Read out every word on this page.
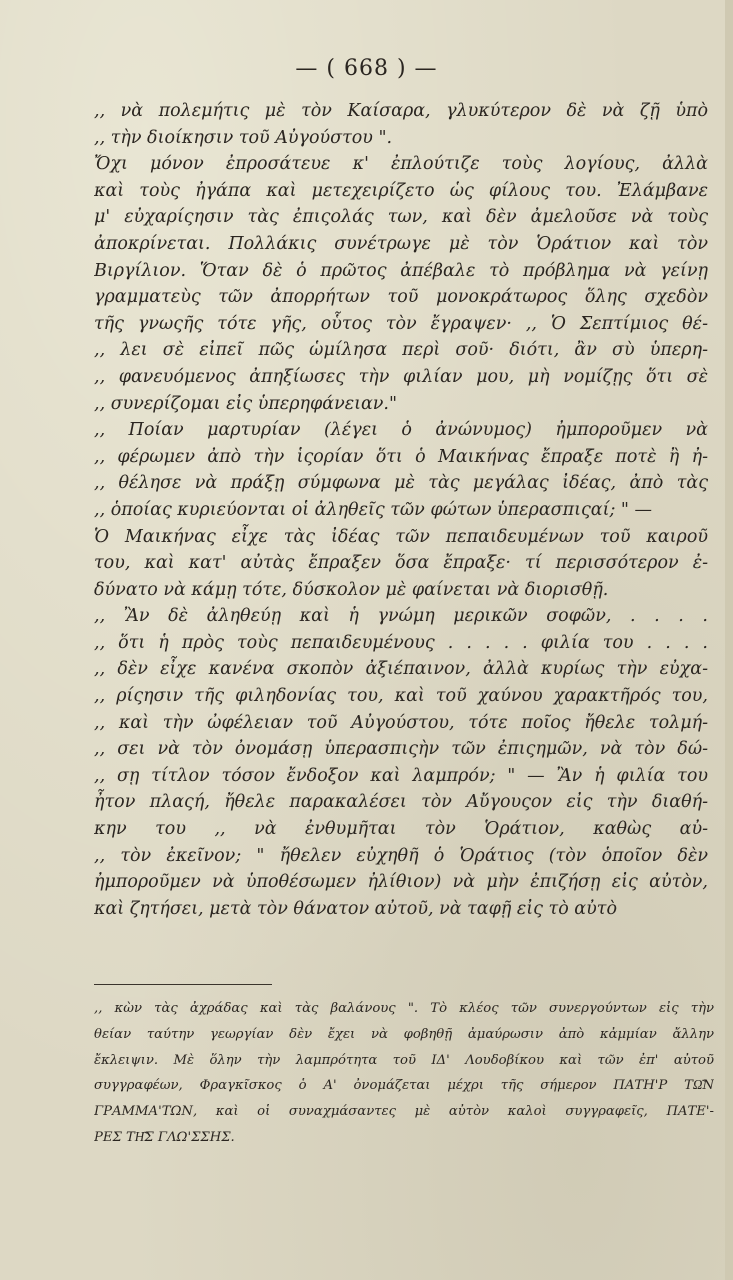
— ( 668 ) —
,, νὰ πολεμήτις μὲ τὸν Καίσαρα, γλυκύτερον δὲ νὰ ζῇ ὑπὸ
,, τὴν διοίκησιν τοῦ Αὐγούστου ".
Ὄχι μόνον ἐπροσάτευε κ' ἐπλούτιζε τοὺς λογίους, ἀλλὰ
καὶ τοὺς ἠγάπα καὶ μετεχειρίζετο ὡς φίλους του. Ἐλάμβανε
μ' εὐχαρίςησιν τὰς ἐπιςολάς των, καὶ δὲν ἀμελοῦσε νὰ τοὺς
ἀποκρίνεται. Πολλάκις συνέτρωγε μὲ τὸν Ὁράτιον καὶ τὸν
Βιργίλιον. Ὅταν δὲ ὁ πρῶτος ἀπέβαλε τὸ πρόβλημα νὰ γείνῃ
γραμματεὺς τῶν ἀπορρήτων τοῦ μονοκράτωρος ὅλης σχεδὸν
τῆς γνωςῆς τότε γῆς, οὗτος τὸν ἔγραψεν· ,, Ὁ Σεπτίμιος θέ-
,, λει σὲ εἰπεῖ πῶς ὡμίλησα περὶ σοῦ· διότι, ἂν σὺ ὑπερη-
,, φανευόμενος ἀπηξίωσες τὴν φιλίαν μου, μὴ νομίζῃς ὅτι σὲ
,, συνερίζομαι εἰς ὑπερηφάνειαν."
,, Ποίαν μαρτυρίαν (λέγει ὁ ἀνώνυμος) ἠμποροῦμεν νὰ
,, φέρωμεν ἀπὸ τὴν ἱςορίαν ὅτι ὁ Μαικήνας ἔπραξε ποτὲ ἢ ἠ-
,, θέλησε νὰ πράξῃ σύμφωνα μὲ τὰς μεγάλας ἰδέας, ἀπὸ τὰς
,, ὁποίας κυριεύονται οἱ ἀληθεῖς τῶν φώτων ὑπερασπιςαί; " —
Ὁ Μαικήνας εἶχε τὰς ἰδέας τῶν πεπαιδευμένων τοῦ καιροῦ
του, καὶ κατ' αὐτὰς ἔπραξεν ὅσα ἔπραξε· τί περισσότερον ἐ-
δύνατο νὰ κάμῃ τότε, δύσκολον μὲ φαίνεται νὰ διορισθῇ.
,, Ἂν δὲ ἀληθεύῃ καὶ ἡ γνώμη μερικῶν σοφῶν, . . . .
,, ὅτι ἡ πρὸς τοὺς πεπαιδευμένους . . . . . φιλία του . . . .
,, δὲν εἶχε κανένα σκοπὸν ἀξιέπαινον, ἀλλὰ κυρίως τὴν εὐχα-
,, ρίςησιν τῆς φιληδονίας του, καὶ τοῦ χαύνου χαρακτῆρός του,
,, καὶ τὴν ὠφέλειαν τοῦ Αὐγούστου, τότε ποῖος ἤθελε τολμή-
,, σει νὰ τὸν ὀνομάσῃ ὑπερασπιςὴν τῶν ἐπιςημῶν, νὰ τὸν δώ-
,, σῃ τίτλον τόσον ἔνδοξον καὶ λαμπρόν; " — Ἂν ἡ φιλία του
ἦτον πλαςή, ἤθελε παρακαλέσει τὸν Αὔγουςον εἰς τὴν διαθή-
κην του ,, νὰ ἐνθυμῆται τὸν Ὁράτιον, καθὼς αὐ-
,, τὸν ἐκεῖνον; " ἤθελεν εὐχηθῆ ὁ Ὁράτιος (τὸν ὁποῖον δὲν
ἠμποροῦμεν νὰ ὑποθέσωμεν ἠλίθιον) νὰ μὴν ἐπιζήσῃ εἰς αὐτὸν,
καὶ ζητήσει, μετὰ τὸν θάνατον αὐτοῦ, νὰ ταφῇ εἰς τὸ αὐτὸ
,, κὼν τὰς ἀχράδας καὶ τὰς βαλάνους ". Τὸ κλέος τῶν συνεργούντων εἰς τὴν
θείαν ταύτην γεωργίαν δὲν ἔχει νὰ φοβηθῇ ἀμαύρωσιν ἀπὸ κἀμμίαν ἄλλην
ἔκλειψιν. Μὲ ὅλην τὴν λαμπρότητα τοῦ ΙΔ' Λουδοβίκου καὶ τῶν ἐπ' αὐτοῦ
συγγραφέων, Φραγκῖσκος ὁ Α' ὀνομάζεται μέχρι τῆς σήμερον ΠΑΤΗ'Ρ ΤΩ͂Ν
ΓΡΑΜΜΑ'ΤΩΝ, καὶ οἱ συναχμάσαντες μὲ αὐτὸν καλοὶ συγγραφεῖς, ΠΑΤΕ'-
ΡΕΣ ΤΗ͂Σ ΓΛΩ'ΣΣΗΣ.
